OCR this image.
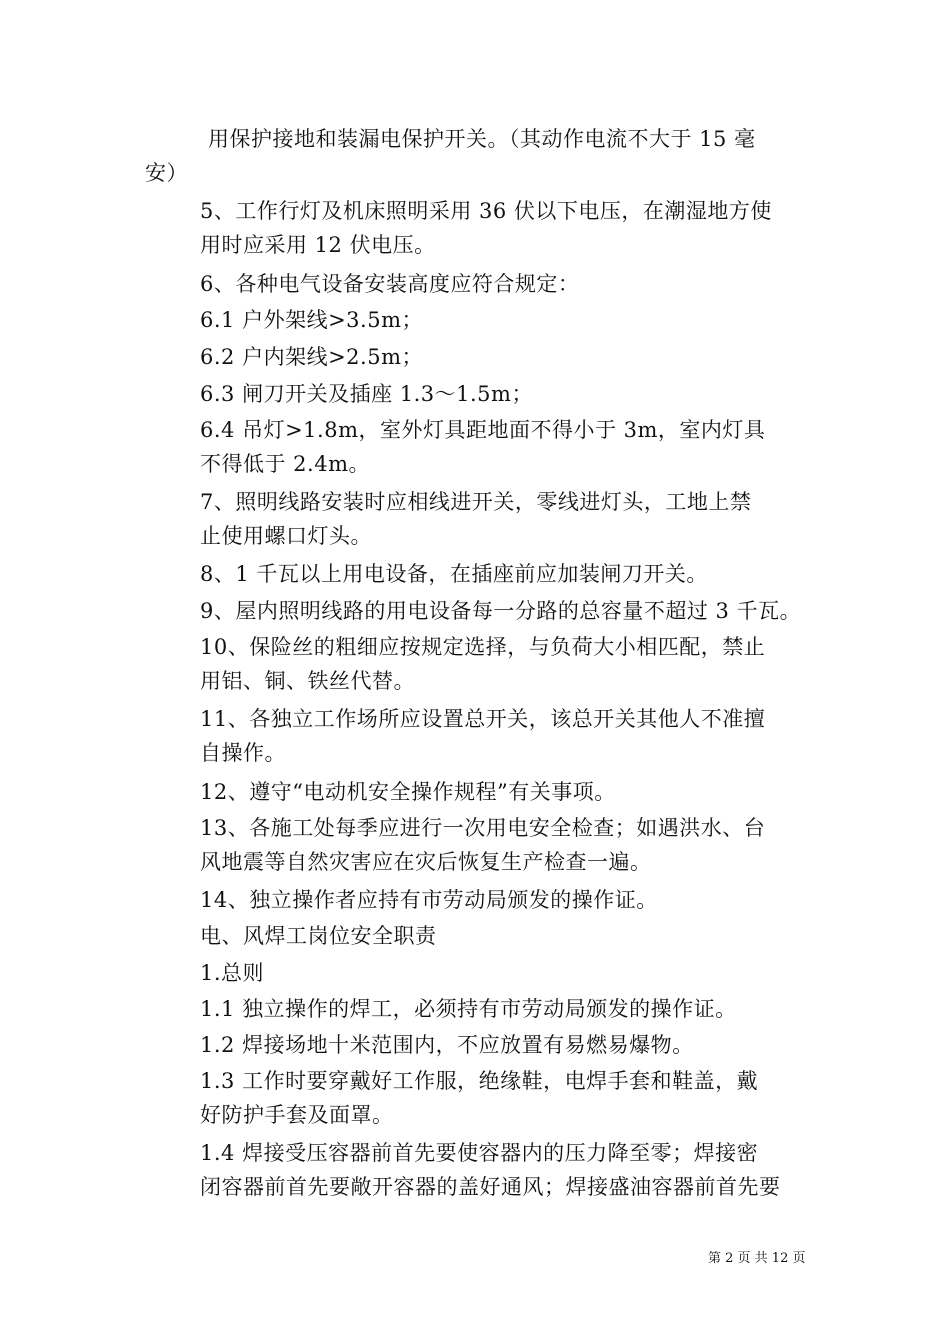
用保护接地和装漏电保护开关。（其动作电流不大于 15 毫
安）
5、工作行灯及机床照明采用 36 伏以下电压，在潮湿地方使
用时应采用 12 伏电压。
6、各种电气设备安装高度应符合规定：
6.1 户外架线>3.5m；
6.2 户内架线>2.5m；
6.3 闸刀开关及插座 1.3～1.5m；
6.4 吊灯>1.8m，室外灯具距地面不得小于 3m，室内灯具
不得低于 2.4m。
7、照明线路安装时应相线进开关，零线进灯头，工地上禁
止使用螺口灯头。
8、1 千瓦以上用电设备，在插座前应加装闸刀开关。
9、屋内照明线路的用电设备每一分路的总容量不超过 3 千瓦。
10、保险丝的粗细应按规定选择，与负荷大小相匹配，禁止
用铝、铜、铁丝代替。
11、各独立工作场所应设置总开关，该总开关其他人不准擅
自操作。
12、遵守“电动机安全操作规程”有关事项。
13、各施工处每季应进行一次用电安全检查；如遇洪水、台
风地震等自然灾害应在灾后恢复生产检查一遍。
14、独立操作者应持有市劳动局颁发的操作证。
电、风焊工岗位安全职责
1.总则
1.1 独立操作的焊工，必须持有市劳动局颁发的操作证。
1.2 焊接场地十米范围内，不应放置有易燃易爆物。
1.3 工作时要穿戴好工作服，绝缘鞋，电焊手套和鞋盖，戴
好防护手套及面罩。
1.4 焊接受压容器前首先要使容器内的压力降至零；焊接密
闭容器前首先要敞开容器的盖好通风；焊接盛油容器前首先要
第 2 页 共 12 页
